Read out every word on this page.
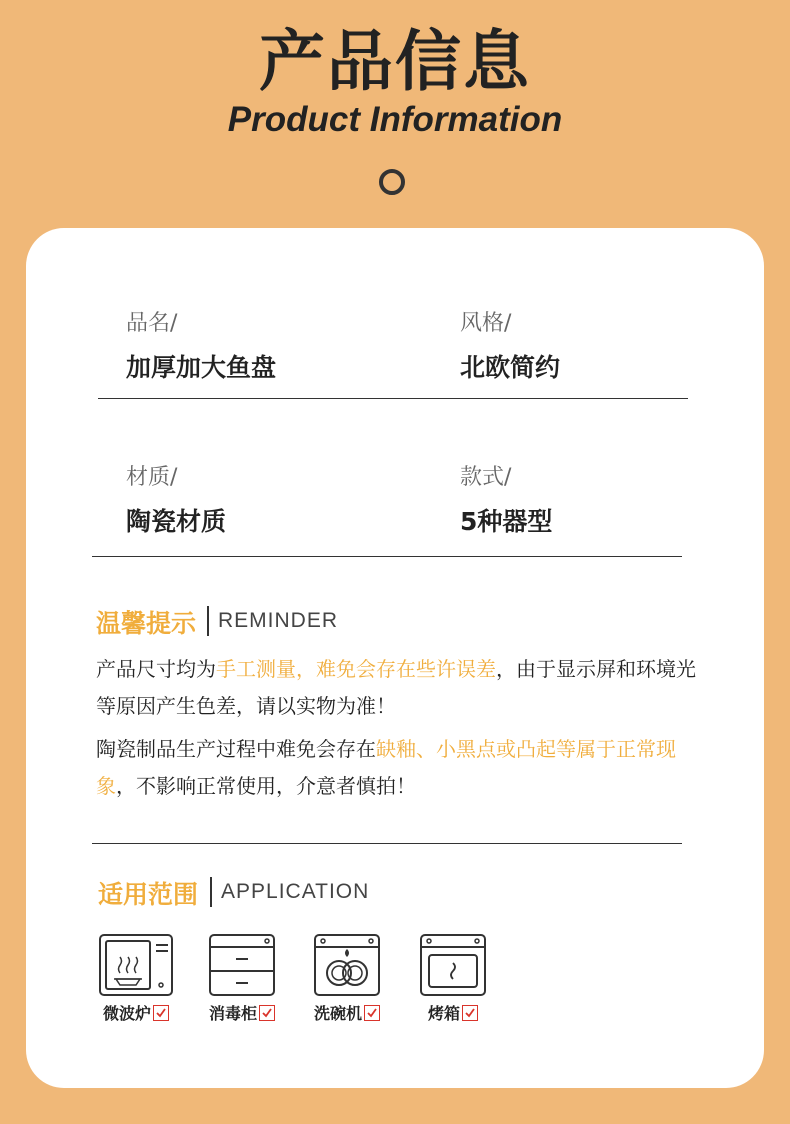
产品信息
Product Information
品名/
加厚加大鱼盘
风格/
北欧简约
材质/
陶瓷材质
款式/
5种器型
温馨提示 REMINDER
产品尺寸均为手工测量，难免会存在些许误差，由于显示屏和环境光等原因产生色差，请以实物为准！
陶瓷制品生产过程中难免会存在缺釉、小黑点或凸起等属于正常现象，不影响正常使用，介意者慎拍！
适用范围 APPLICATION
微波炉	消毒柜	洗碗机	烤箱
